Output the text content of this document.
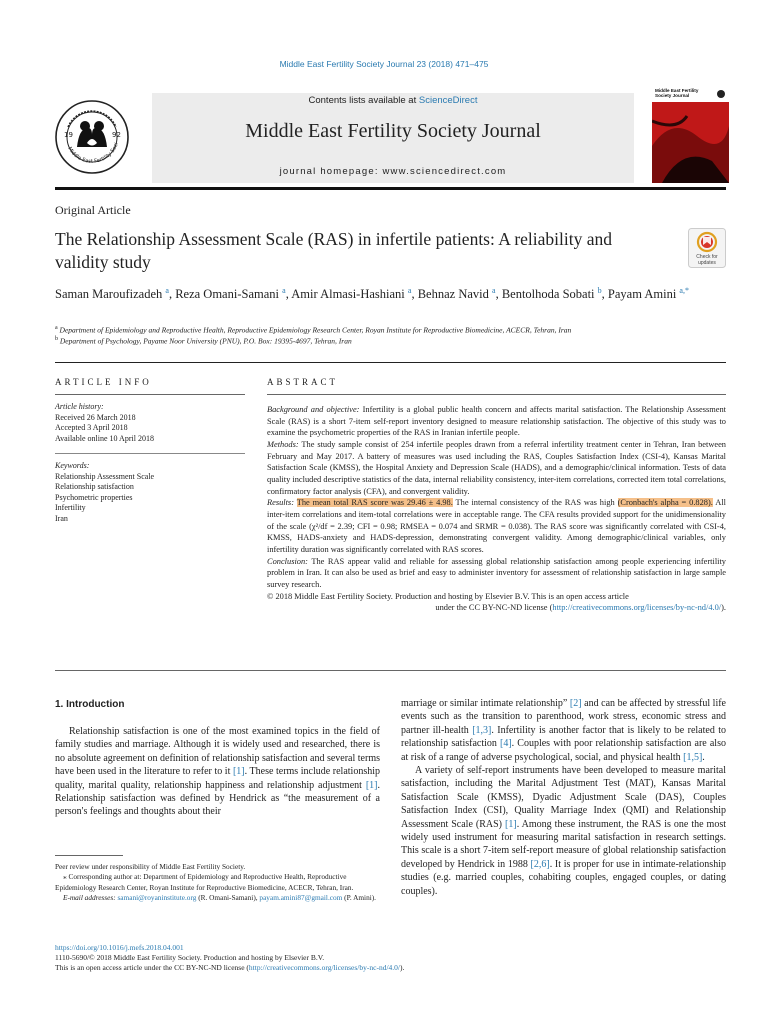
Middle East Fertility Society Journal 23 (2018) 471–475
Middle East Fertility Soci
19	92
Contents lists available at ScienceDirect
Middle East Fertility Society Journal
journal homepage: www.sciencedirect.com
Middle East Fertility Society Journal
Original Article
The Relationship Assessment Scale (RAS) in infertile patients: A reliability and validity study	Check for updates
Saman Maroufizadeh $^a$, Reza Omani-Samani $^a$, Amir Almasi-Hashiani $^a$, Behnaz Navid $^a$, Bentolhoda Sobati $^b$, Payam Amini $^{a,*}$
$^a$ Department of Epidemiology and Reproductive Health, Reproductive Epidemiology Research Center, Royan Institute for Reproductive Biomedicine, ACECR, Tehran, Iran
$^b$ Department of Psychology, Payame Noor University (PNU), P.O. Box: 19395-4697, Tehran, Iran
ARTICLE INFO
Article history:
Received 26 March 2018
Accepted 3 April 2018
Available online 10 April 2018
Keywords:
Relationship Assessment Scale
Relationship satisfaction
Psychometric properties
Infertility
Iran
ABSTRACT
Background and objective: Infertility is a global public health concern and affects marital satisfaction. The Relationship Assessment Scale (RAS) is a short 7-item self-report inventory designed to measure relationship satisfaction. The objective of this study was to examine the psychometric properties of the RAS in Iranian infertile people.
Methods: The study sample consist of 254 infertile peoples drawn from a referral infertility treatment center in Tehran, Iran between February and May 2017. A battery of measures was used including the RAS, Couples Satisfaction Index (CSI-4), Kansas Marital Satisfaction Scale (KMSS), the Hospital Anxiety and Depression Scale (HADS), and a demographic/clinical information. Tests of data quality included descriptive statistics of the data, internal reliability consistency, inter-item correlations, corrected item total correlations, confirmatory factor analysis (CFA), and convergent validity.
Results: The mean total RAS score was 29.46 ± 4.98. The internal consistency of the RAS was high (Cronbach's alpha = 0.828). All inter-item correlations and item-total correlations were in acceptable range. The CFA results provided support for the unidimensionality of the scale (χ²/df = 2.39; CFI = 0.98; RMSEA = 0.074 and SRMR = 0.038). The RAS score was significantly correlated with CSI-4, KMSS, HADS-anxiety and HADS-depression, demonstrating convergent validity. Among demographic/clinical variables, only infertility duration was significantly correlated with RAS scores.
Conclusion: The RAS appear valid and reliable for assessing global relationship satisfaction among people experiencing infertility problem in Iran. It can also be used as brief and easy to administer inventory for assessment of relationship satisfaction in large sample survey research.
© 2018 Middle East Fertility Society. Production and hosting by Elsevier B.V. This is an open access article
under the CC BY-NC-ND license (http://creativecommons.org/licenses/by-nc-nd/4.0/).
1. Introduction

Relationship satisfaction is one of the most examined topics in the field of family studies and marriage. Although it is widely used and researched, there is no absolute agreement on definition of relationship satisfaction and several terms have been used in the literature to refer to it [1]. These terms include relationship quality, marital quality, relationship happiness and relationship adjustment [1]. Relationship satisfaction was defined by Hendrick as “the measurement of a person's feelings and thoughts about their

Peer review under responsibility of Middle East Fertility Society.
⁎ Corresponding author at: Department of Epidemiology and Reproductive Health, Reproductive Epidemiology Research Center, Royan Institute for Reproductive Biomedicine, ACECR, Tehran, Iran.
E-mail addresses: samani@royaninstitute.org (R. Omani-Samani), payam.amini87@gmail.com (P. Amini).
marriage or similar intimate relationship” [2] and can be affected by stressful life events such as the transition to parenthood, work stress, economic stress and partner ill-health [1,3]. Infertility is another factor that is likely to be related to relationship satisfaction [4]. Couples with poor relationship satisfaction are also at risk of a range of adverse psychological, social, and physical health [1,5].

A variety of self-report instruments have been developed to measure marital satisfaction, including the Marital Adjustment Test (MAT), Kansas Marital Satisfaction Scale (KMSS), Dyadic Adjustment Scale (DAS), Couples Satisfaction Index (CSI), Quality Marriage Index (QMI) and Relationship Assessment Scale (RAS) [1]. Among these instrument, the RAS is one the most widely used instrument for measuring marital satisfaction in research settings. This scale is a short 7-item self-report measure of global relationship satisfaction developed by Hendrick in 1988 [2,6]. It is proper for use in intimate-relationship studies (e.g. married couples, cohabiting couples, engaged couples, or dating couples).

https://doi.org/10.1016/j.mefs.2018.04.001
1110-5690/© 2018 Middle East Fertility Society. Production and hosting by Elsevier B.V.
This is an open access article under the CC BY-NC-ND license (http://creativecommons.org/licenses/by-nc-nd/4.0/).
